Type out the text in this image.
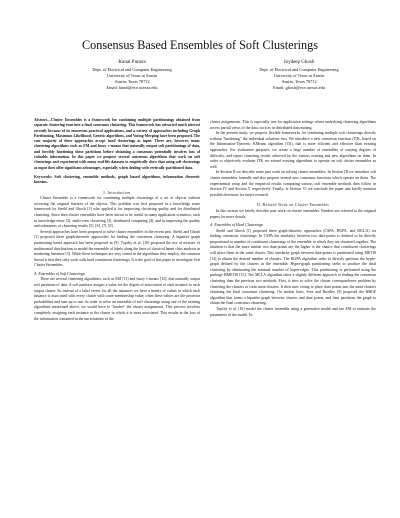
Consensus Based Ensembles of Soft Clusterings
Kunal Punera
Dept. of Electrical and Computer Engineering
University of Texas at Austin
Austin, Texas 78712
Email: kunal@ece.utexas.edu
Joydeep Ghosh
Dept. of Electrical and Computer Engineering
University of Texas at Austin
Austin, Texas 78712
Email: ghosh@ece.utexas.edu
Abstract—Cluster Ensembles is a framework for combining multiple partitionings obtained from separate clustering runs into a final consensus clustering. This framework has attracted much interest recently because of its numerous practical applications, and a variety of approaches including Graph Partitioning, Maximum Likelihood, Genetic algorithms, and Voting-Merging have been proposed. The vast majority of these approaches accept hard clusterings as input. There are, however, many clustering algorithms such as EM and fuzzy c-means that naturally output soft partitionings of data, and forcibly hardening these partitions before obtaining a consensus potentially involves loss of valuable information. In this paper we propose several consensus algorithms that work on soft clusterings and experiment with many real-life datasets to empirically show that using soft clusterings as input does offer significant advantages, especially when dealing with vertically partitioned data.
Keywords: Soft clustering, ensemble methods, graph based algorithms, information theoretic kmeans.
I. Introduction

Cluster Ensemble is a framework for combining multiple clusterings of a set of objects without accessing the original features of the objects. This problem was first proposed in a knowledge reuse framework by Strehl and Ghosh [1] who applied it for improving clustering quality and for distributed clustering. Since then cluster ensembles have been shown to be useful in many application scenarios, such as knowledge-reuse [2], multi-view clustering [3], distributed computing [4], and in improving the quality and robustness of clustering results [5], [6], [7], [8].

Several approaches have been proposed to solve cluster ensembles in the recent past. Strehl and Ghosh [1] proposed three graph-theoretic approaches for finding the consensus clustering. A bipartite graph partitioning based approach has been proposed in [9]. Topchy et al. [10] proposed the use of mixture of multinomial distributions to model the ensemble of labels along the lines of classical latent class analysis in marketing literature [3]. While these techniques are very varied in the algorithms they employ, the common thread is that they only work with hard constituent clusterings. It is the goal of this paper to investigate Soft Cluster Ensembles.

A. Ensembles of Soft Clusterings

There are several clustering algorithms, such as EM [11] and fuzzy c-means [12], that naturally output soft partitions of data. A soft partition assigns a value for the degree of association of each instance to each output cluster. So instead of a label vector for all the instances we have a matrix of values in which each instance is associated with every cluster with some membership value; often these values are the posterior probabilities and sum up to one. In order to solve an ensemble of soft clusterings using one of the existing algorithms mentioned above, we would have to "harden" the cluster assignments. This process involves completely assigning each instance to the cluster to which it is most associated. This results in the loss of the information contained in the uncertainties of the

cluster assignments. This is especially true for application settings where underlying clustering algorithms access partial views of the data, such as in distributed data mining.

In the present study, we propose flexible frameworks for combining multiple soft clusterings directly without "hardening" the individual solutions first. We introduce a new consensus function (ITK, based on the Information-Theoretic KMeans algorithm [13]), that is more efficient and effective than existing approaches. For evaluation purposes, we create a large number of ensembles of varying degrees of difficulty, and report clustering results achieved by the various existing and new algorithms on them. In order to objectively evaluate ITK we extend existing algorithms to operate on soft cluster ensembles as well.

In Section II we describe some past work on solving cluster ensembles. In Section III we introduce soft cluster ensembles formally and also propose several new consensus functions which operate on them. The experimental setup and the empirical results comparing various soft ensemble methods then follow in Section IV and Section V respectively. Finally, in Section VI we conclude the paper and briefly mention possible directions for future research.

II. Related Work on Cluster Ensembles

In this section we briefly describe past work on cluster ensembles. Readers are referred to the original papers for more details.

A. Ensembles of Hard Clusterings

Strehl and Ghosh [1] proposed three graph-theoretic approaches (CSPA, HGPA, and MCLA) for finding consensus clusterings. In CSPA the similarity between two data-points is defined to be directly proportional to number of constituent clusterings of the ensemble in which they are clustered together. The intuition is that the more similar two data-points are the higher is the chance that constituent clusterings will place them in the same cluster. This similarity graph between data-points is partitioned using METIS [14] to obtain the desired number of clusters. The HGPA algorithm seeks to directly partition the hyper-graph defined by the clusters in the ensemble. Hyper-graph partitioning seeks to produce the final clustering by eliminating the minimal number of hyper-edges. This partitioning is performed using the package HMETIS [15]. The MCLA algorithm takes a slightly different approach to finding the consensus clustering than the previous two methods. First, it tries to solve the cluster correspondence problem by clustering the clusters to form meta-clusters. It then uses voting to place data-points into the meta-clusters obtaining the final consensus clustering. On similar lines, Fern and Brodley [9] proposed the HBGF algorithm that forms a bipartite graph between clusters and data points, and then partitions the graph to obtain the final consensus clustering.

Topchy et al. [10] model the cluster ensemble using a generative model and use EM to estimate the parameters of the model. In
